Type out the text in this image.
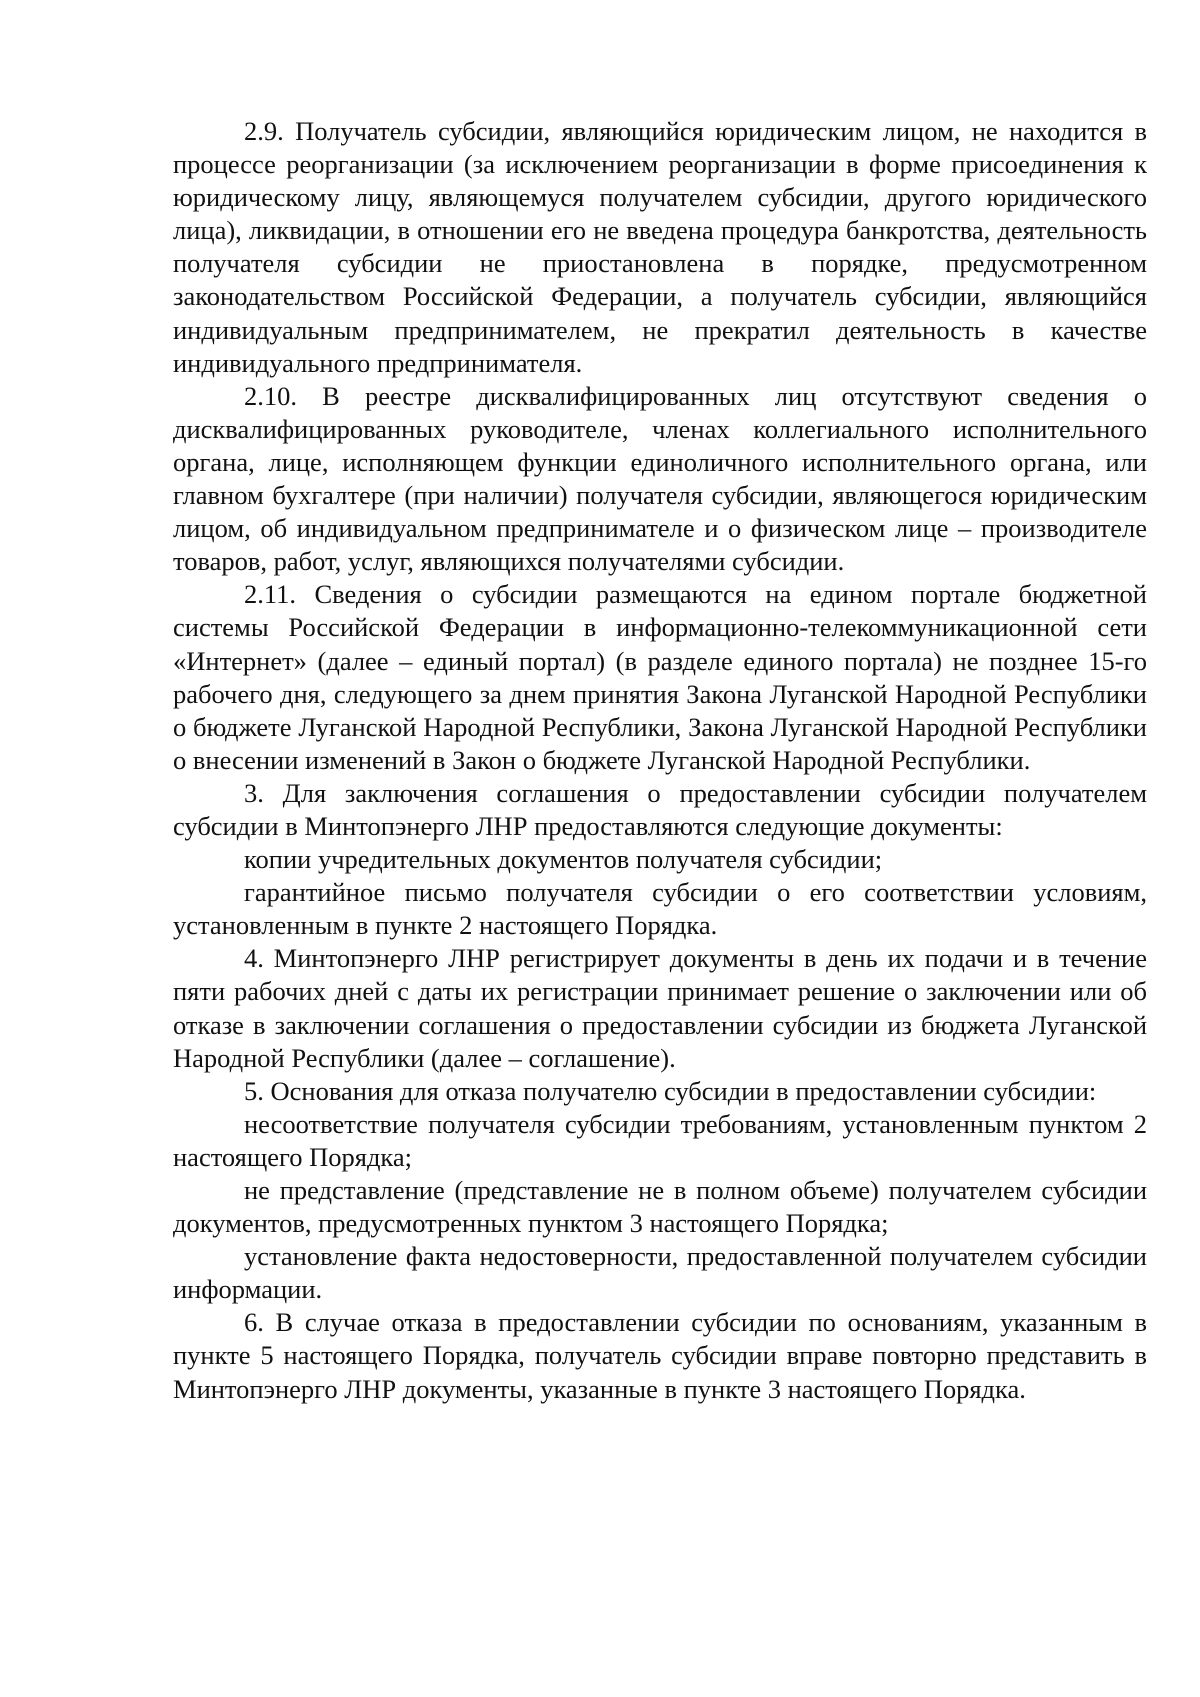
2.9. Получатель субсидии, являющийся юридическим лицом, не находится в процессе реорганизации (за исключением реорганизации в форме присоединения к юридическому лицу, являющемуся получателем субсидии, другого юридического лица), ликвидации, в отношении его не введена процедура банкротства, деятельность получателя субсидии не приостановлена в порядке, предусмотренном законодательством Российской Федерации, а получатель субсидии, являющийся индивидуальным предпринимателем, не прекратил деятельность в качестве индивидуального предпринимателя.

2.10. В реестре дисквалифицированных лиц отсутствуют сведения о дисквалифицированных руководителе, членах коллегиального исполнительного органа, лице, исполняющем функции единоличного исполнительного органа, или главном бухгалтере (при наличии) получателя субсидии, являющегося юридическим лицом, об индивидуальном предпринимателе и о физическом лице – производителе товаров, работ, услуг, являющихся получателями субсидии.

2.11. Сведения о субсидии размещаются на едином портале бюджетной системы Российской Федерации в информационно-телекоммуникационной сети «Интернет» (далее – единый портал) (в разделе единого портала) не позднее 15-го рабочего дня, следующего за днем принятия Закона Луганской Народной Республики о бюджете Луганской Народной Республики, Закона Луганской Народной Республики о внесении изменений в Закон о бюджете Луганской Народной Республики.

3. Для заключения соглашения о предоставлении субсидии получателем субсидии в Минтопэнерго ЛНР предоставляются следующие документы:

копии учредительных документов получателя субсидии;

гарантийное письмо получателя субсидии о его соответствии условиям, установленным в пункте 2 настоящего Порядка.

4. Минтопэнерго ЛНР регистрирует документы в день их подачи и в течение пяти рабочих дней с даты их регистрации принимает решение о заключении или об отказе в заключении соглашения о предоставлении субсидии из бюджета Луганской Народной Республики (далее – соглашение).

5. Основания для отказа получателю субсидии в предоставлении субсидии:

несоответствие получателя субсидии требованиям, установленным пунктом 2 настоящего Порядка;

не представление (представление не в полном объеме) получателем субсидии документов, предусмотренных пунктом 3 настоящего Порядка;

установление факта недостоверности, предоставленной получателем субсидии информации.

6. В случае отказа в предоставлении субсидии по основаниям, указанным в пункте 5 настоящего Порядка, получатель субсидии вправе повторно представить в Минтопэнерго ЛНР документы, указанные в пункте 3 настоящего Порядка.
